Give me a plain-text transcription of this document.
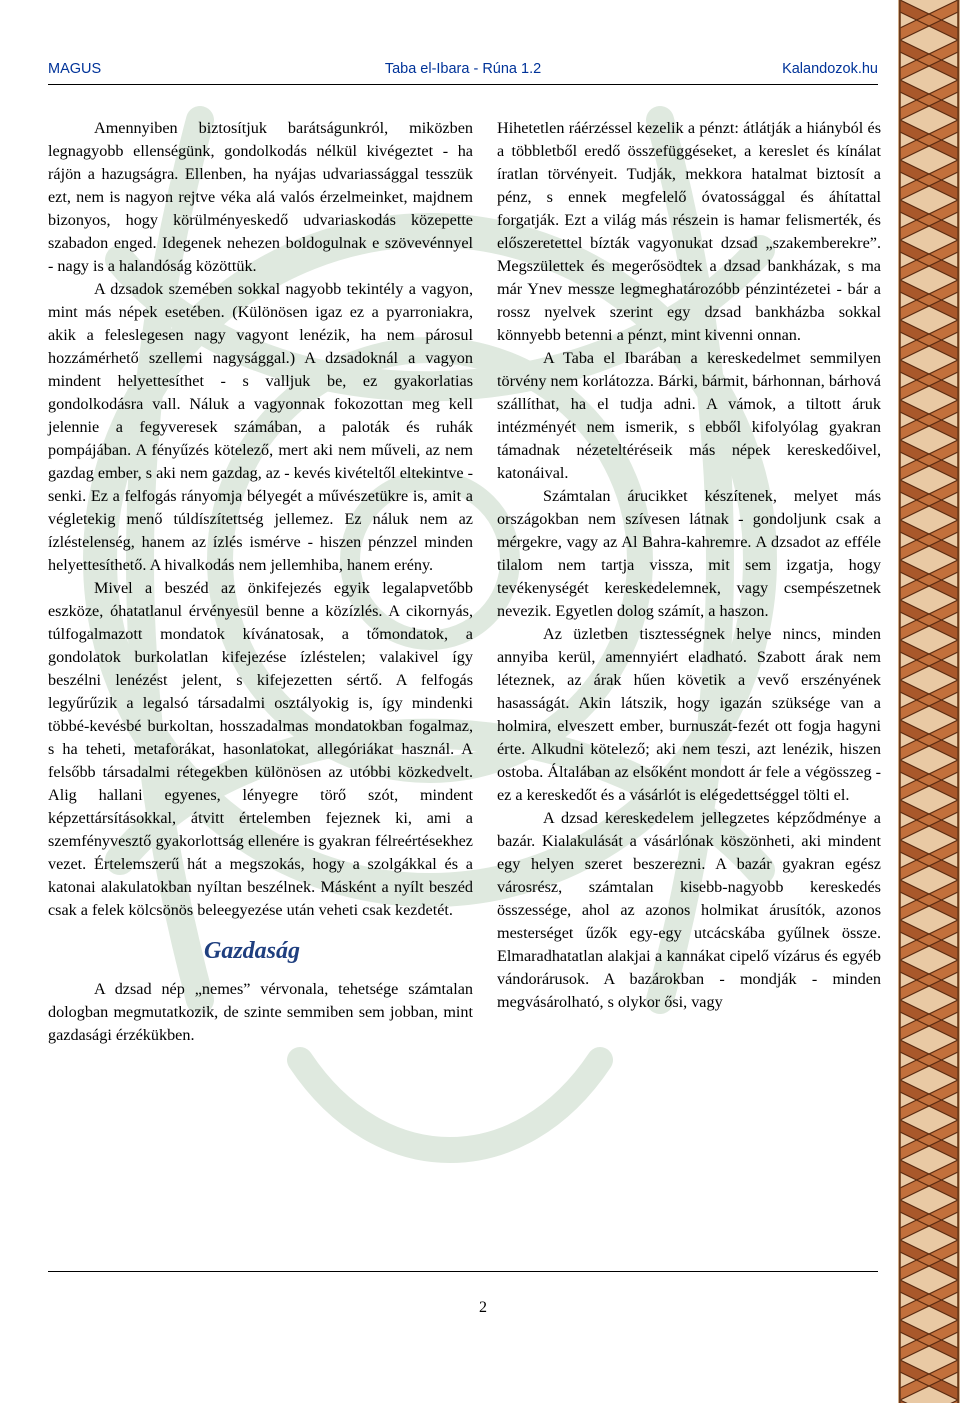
MAGUS	Taba el-Ibara - Rúna 1.2	Kalandozok.hu

Amennyiben biztosítjuk barátságunkról, miközben legnagyobb ellenségünk, gondolkodás nélkül kivégeztet - ha rájön a hazugságra. Ellenben, ha nyájas udvariassággal tesszük ezt, nem is nagyon rejtve véka alá valós érzelmeinket, majdnem bizonyos, hogy körülményeskedő udvariaskodás közepette szabadon enged. Idegenek nehezen boldogulnak e szövevénnyel - nagy is a halandóság közöttük.

A dzsadok szemében sokkal nagyobb tekintély a vagyon, mint más népek esetében. (Különösen igaz ez a pyarroniakra, akik a feleslegesen nagy vagyont lenézik, ha nem párosul hozzámérhető szellemi nagysággal.) A dzsadoknál a vagyon mindent helyettesíthet - s valljuk be, ez gyakorlatias gondolkodásra vall. Náluk a vagyonnak fokozottan meg kell jelennie a fegyveresek számában, a paloták és ruhák pompájában. A fényűzés kötelező, mert aki nem műveli, az nem gazdag ember, s aki nem gazdag, az - kevés kivételtől eltekintve - senki. Ez a felfogás rányomja bélyegét a művészetükre is, amit a végletekig menő túldíszítettség jellemez. Ez náluk nem az ízléstelenség, hanem az ízlés ismérve - hiszen pénzzel minden helyettesíthető. A hivalkodás nem jellemhiba, hanem erény.

Mivel a beszéd az önkifejezés egyik legalapvetőbb eszköze, óhatatlanul érvényesül benne a közízlés. A cikornyás, túlfogalmazott mondatok kívánatosak, a tőmondatok, a gondolatok burkolatlan kifejezése ízléstelen; valakivel így beszélni lenézést jelent, s kifejezetten sértő. A felfogás legyűrűzik a legalsó társadalmi osztályokig is, így mindenki többé-kevésbé burkoltan, hosszadalmas mondatokban fogalmaz, s ha teheti, metaforákat, hasonlatokat, allegóriákat használ. A felsőbb társadalmi rétegekben különösen az utóbbi közkedvelt. Alig hallani egyenes, lényegre törő szót, mindent képzettársításokkal, átvitt értelemben fejeznek ki, ami a szemfényvesztő gyakorlottság ellenére is gyakran félreértésekhez vezet. Értelemszerű hát a megszokás, hogy a szolgákkal és a katonai alakulatokban nyíltan beszélnek. Másként a nyílt beszéd csak a felek kölcsönös beleegyezése után veheti csak kezdetét.

Gazdaság

A dzsad nép „nemes” vérvonala, tehetsége számtalan dologban megmutatkozik, de szinte semmiben sem jobban, mint gazdasági érzékükben.

Hihetetlen ráérzéssel kezelik a pénzt: átlátják a hiányból és a többletből eredő összefüggéseket, a kereslet és kínálat íratlan törvényeit. Tudják, mekkora hatalmat biztosít a pénz, s ennek megfelelő óvatossággal és áhítattal forgatják. Ezt a világ más részein is hamar felismerték, és előszeretettel bízták vagyonukat dzsad „szakemberekre”. Megszülettek és megerősödtek a dzsad bankházak, s ma már Ynev messze legmeghatározóbb pénzintézetei - bár a rossz nyelvek szerint egy dzsad bankházba sokkal könnyebb betenni a pénzt, mint kivenni onnan.

A Taba el Ibarában a kereskedelmet semmilyen törvény nem korlátozza. Bárki, bármit, bárhonnan, bárhová szállíthat, ha el tudja adni. A vámok, a tiltott áruk intézményét nem ismerik, s ebből kifolyólag gyakran támadnak nézeteltéréseik más népek kereskedőivel, katonáival.

Számtalan árucikket készítenek, melyet más országokban nem szívesen látnak - gondoljunk csak a mérgekre, vagy az Al Bahra-kahremre. A dzsadot az efféle tilalom nem tartja vissza, mit sem izgatja, hogy tevékenységét kereskedelemnek, vagy csempészetnek nevezik. Egyetlen dolog számít, a haszon.

Az üzletben tisztességnek helye nincs, minden annyiba kerül, amennyiért eladható. Szabott árak nem léteznek, az árak hűen követik a vevő erszényének hasasságát. Akin látszik, hogy igazán szüksége van a holmira, elveszett ember, burnuszát-fezét ott fogja hagyni érte. Alkudni kötelező; aki nem teszi, azt lenézik, hiszen ostoba. Általában az elsőként mondott ár fele a végösszeg - ez a kereskedőt és a vásárlót is elégedettséggel tölti el.

A dzsad kereskedelem jellegzetes képződménye a bazár. Kialakulását a vásárlónak köszönheti, aki mindent egy helyen szeret beszerezni. A bazár gyakran egész városrész, számtalan kisebb-nagyobb kereskedés összessége, ahol az azonos holmikat árusítók, azonos mesterséget űzők egy-egy utcácskába gyűlnek össze. Elmaradhatatlan alakjai a kannákat cipelő vízárus és egyéb vándorárusok. A bazárokban - mondják - minden megvásárolható, s olykor ősi, vagy

2
